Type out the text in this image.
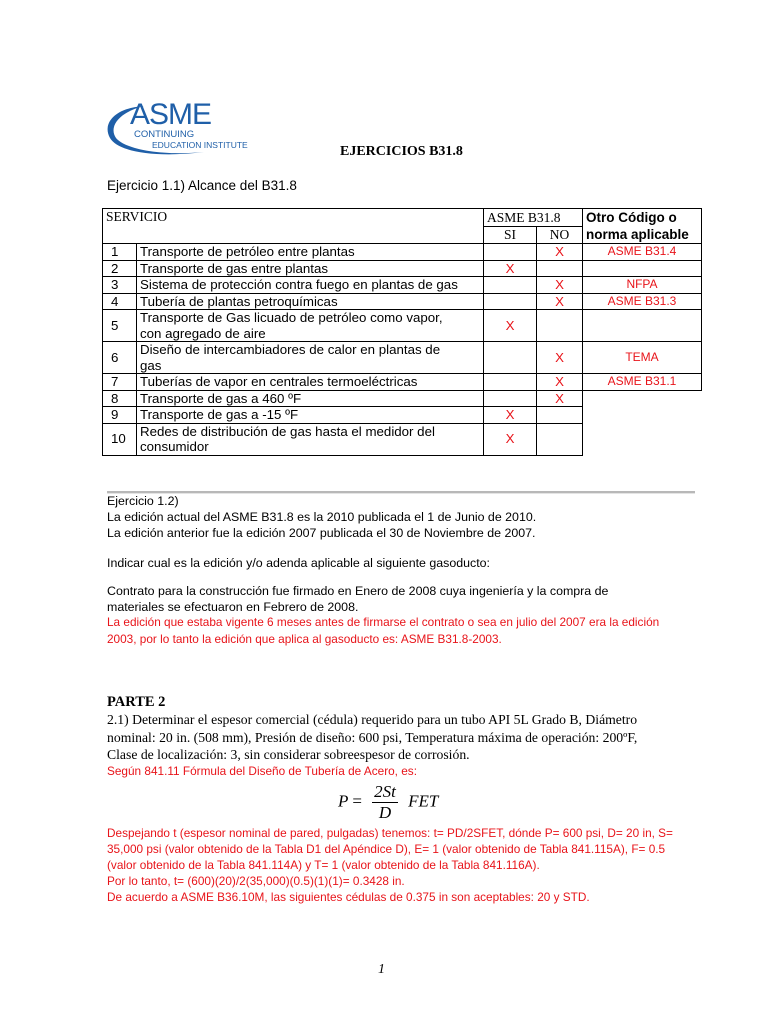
ASME
CONTINUING
EDUCATION INSTITUTE	EJERCICIOS B31.8
Ejercicio 1.1) Alcance del B31.8
SERVICIO		ASME B31.8		Otro Código o
norma aplicable
		SI	NO	
1	Transporte de petróleo entre plantas		X	ASME B31.4
2	Transporte de gas entre plantas	X		
3	Sistema de protección contra fuego en plantas de gas		X	NFPA
4	Tubería de plantas petroquímicas		X	ASME B31.3
5	Transporte de Gas licuado de petróleo como vapor,
con agregado de aire	X		
6	Diseño de intercambiadores de calor en plantas de
gas		X	TEMA
7	Tuberías de vapor en centrales termoeléctricas		X	ASME B31.1
8	Transporte de gas a 460 ºF		X	
9	Transporte de gas a -15 ºF	X		
10	Redes de distribución de gas hasta el medidor del
consumidor	X		
Ejercicio 1.2)
La edición actual del ASME B31.8 es la 2010 publicada el 1 de Junio de 2010.
La edición anterior fue la edición 2007 publicada el 30 de Noviembre de 2007.
Indicar cual es la edición y/o adenda aplicable al siguiente gasoducto:
Contrato para la construcción fue firmado en Enero de 2008 cuya ingeniería y la compra de
materiales se efectuaron en Febrero de 2008.
La edición que estaba vigente 6 meses antes de firmarse el contrato o sea en julio del 2007 era la edición
2003, por lo tanto la edición que aplica al gasoducto es: ASME B31.8-2003.
PARTE 2
2.1) Determinar el espesor comercial (cédula) requerido para un tubo API 5L Grado B, Diámetro
nominal: 20 in. (508 mm), Presión de diseño: 600 psi, Temperatura máxima de operación: 200ºF,
Clase de localización: 3, sin considerar sobreespesor de corrosión.
Según 841.11 Fórmula del Diseño de Tubería de Acero, es:
$P = \frac{2St}{D}$ FET
Despejando t (espesor nominal de pared, pulgadas) tenemos: t= PD/2SFET, dónde P= 600 psi, D= 20 in, S=
35,000 psi (valor obtenido de la Tabla D1 del Apéndice D), E= 1 (valor obtenido de Tabla 841.115A), F= 0.5
(valor obtenido de la Tabla 841.114A) y T= 1 (valor obtenido de la Tabla 841.116A).
Por lo tanto, t= (600)(20)/2(35,000)(0.5)(1)(1)= 0.3428 in.
De acuerdo a ASME B36.10M, las siguientes cédulas de 0.375 in son aceptables: 20 y STD.
1
